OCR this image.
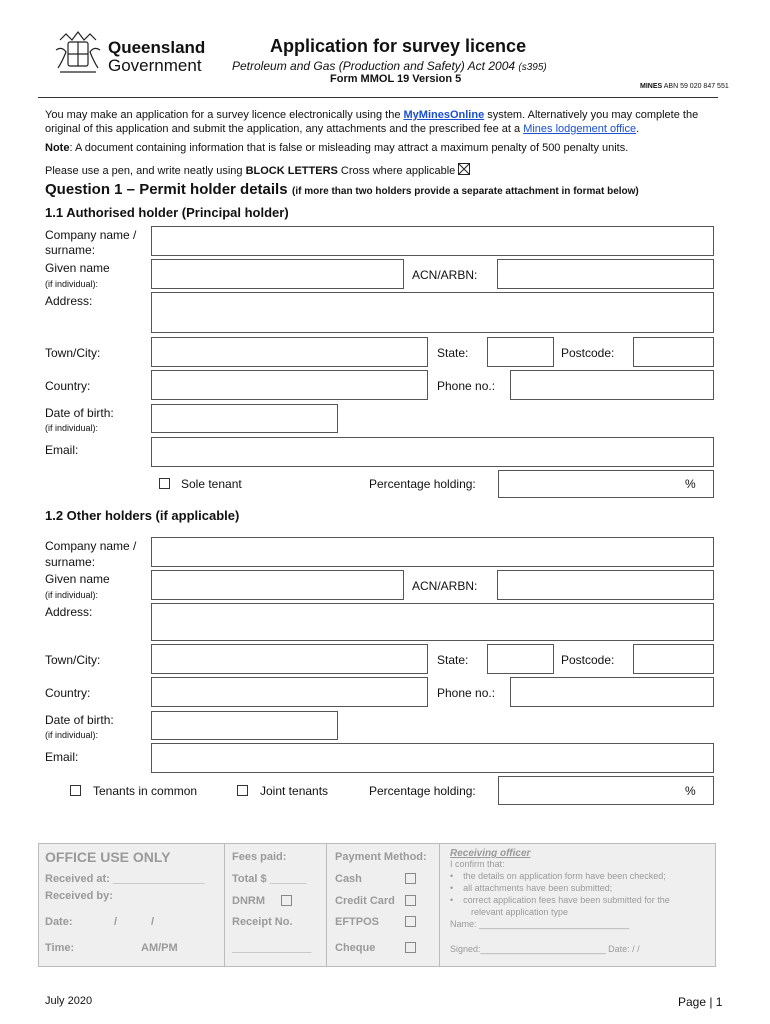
Queensland
Government
Application for survey licence
Petroleum and Gas (Production and Safety) Act 2004 (s395)
Form MMOL 19 Version 5
MINES ABN 59 020 847 551
You may make an application for a survey licence electronically using the MyMinesOnline system. Alternatively you may complete the
original of this application and submit the application, any attachments and the prescribed fee at a Mines lodgement office.
Note: A document containing information that is false or misleading may attract a maximum penalty of 500 penalty units.
Please use a pen, and write neatly using BLOCK LETTERS Cross where applicable
Question 1 – Permit holder details (if more than two holders provide a separate attachment in format below)
1.1 Authorised holder (Principal holder)
Company name /
surname:
Given name
(if individual):
ACN/ARBN:
Address:
Town/City:	State:	Postcode:
Country:	Phone no.:
Date of birth:
(if individual):
Email:
Sole tenant	Percentage holding:	%
1.2 Other holders (if applicable)
Company name /
surname:
Given name
(if individual):
ACN/ARBN:
Address:
Town/City:	State:	Postcode:
Country:	Phone no.:
Date of birth:
(if individual):
Email:
Tenants in common	Joint tenants	Percentage holding:	%
OFFICE USE ONLY
Received at: _______________
Received by:
Date:	/	/
Time:	AM/PM
Fees paid:
Total $ ______
DNRM
Receipt No.
_____________
Payment Method:
Cash
Credit Card
EFTPOS
Cheque
Receiving officer
I confirm that:
•    the details on application form have been checked;
•    all attachments have been submitted;
•    correct application fees have been submitted for the
relevant application type
Name: ______________________________
Signed:_________________________ Date: / /
July 2020	Page | 1
